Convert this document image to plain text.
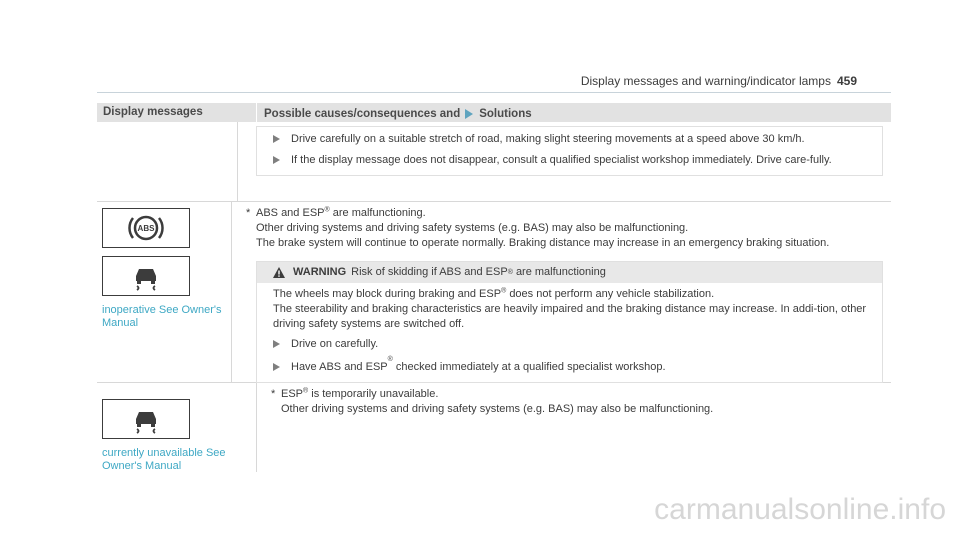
Display messages and warning/indicator lamps 459
Display messages	Possible causes/consequences and Solutions
Drive carefully on a suitable stretch of road, making slight steering movements at a speed above 30 km/h.
If the display message does not disappear, consult a qualified specialist workshop immediately. Drive care-fully.
ABS
inoperative See Owner's Manual
* ABS and ESP® are malfunctioning.
Other driving systems and driving safety systems (e.g. BAS) may also be malfunctioning.
The brake system will continue to operate normally. Braking distance may increase in an emergency braking situation.
WARNING Risk of skidding if ABS and ESP ®
are malfunctioning
The wheels may block during braking and ESP® does not perform any vehicle stabilization.
The steerability and braking characteristics are heavily impaired and the braking distance may increase. In addi-tion, other driving safety systems are switched off.
Drive on carefully.
Have ABS and ESP
®

checked immediately at a qualified specialist workshop.
currently unavailable See Owner's Manual
* ESP® is temporarily unavailable.
Other driving systems and driving safety systems (e.g. BAS) may also be malfunctioning.
carmanualsonline.info
